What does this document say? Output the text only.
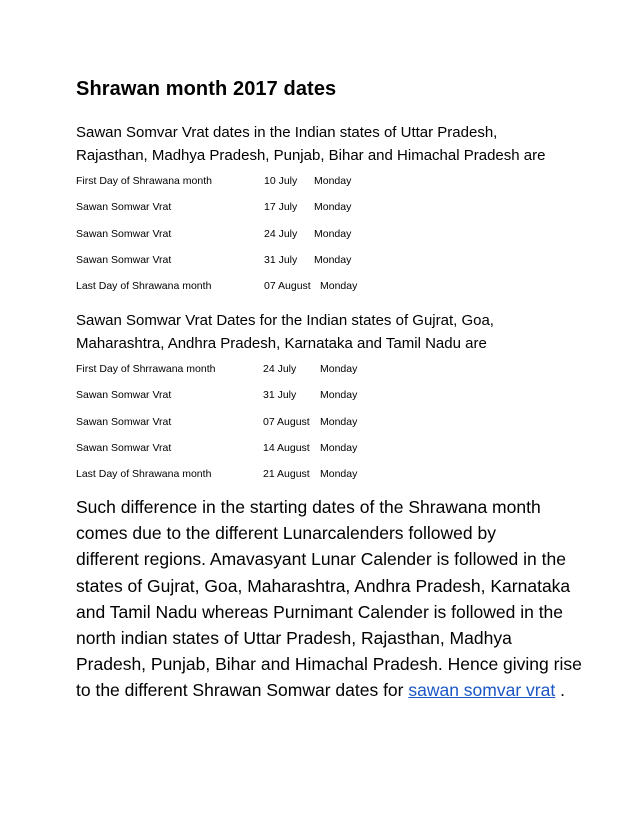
Shrawan month 2017 dates
Sawan Somvar Vrat dates in the Indian states of Uttar Pradesh,
Rajasthan, Madhya Pradesh, Punjab, Bihar and Himachal Pradesh are
First Day of Shrawana month	10 July Monday
Sawan Somwar Vrat	17 July Monday
Sawan Somwar Vrat	24 July Monday
Sawan Somwar Vrat	31 July Monday
Last Day of Shrawana month	07 August Monday
Sawan Somwar Vrat Dates for the Indian states of Gujrat, Goa,
Maharashtra, Andhra Pradesh, Karnataka and Tamil Nadu are
First Day of Shrrawana month	24 July Monday
Sawan Somwar Vrat	31 July Monday
Sawan Somwar Vrat	07 August Monday
Sawan Somwar Vrat	14 August Monday
Last Day of Shrawana month	21 August Monday
Such difference in the starting dates of the Shrawana month
comes due to the different Lunarcalenders followed by
different regions. Amavasyant Lunar Calender is followed in the
states of Gujrat, Goa, Maharashtra, Andhra Pradesh, Karnataka
and Tamil Nadu whereas Purnimant Calender is followed in the
north indian states of Uttar Pradesh, Rajasthan, Madhya
Pradesh, Punjab, Bihar and Himachal Pradesh. Hence giving rise
to the different Shrawan Somwar dates for sawan somvar vrat .
